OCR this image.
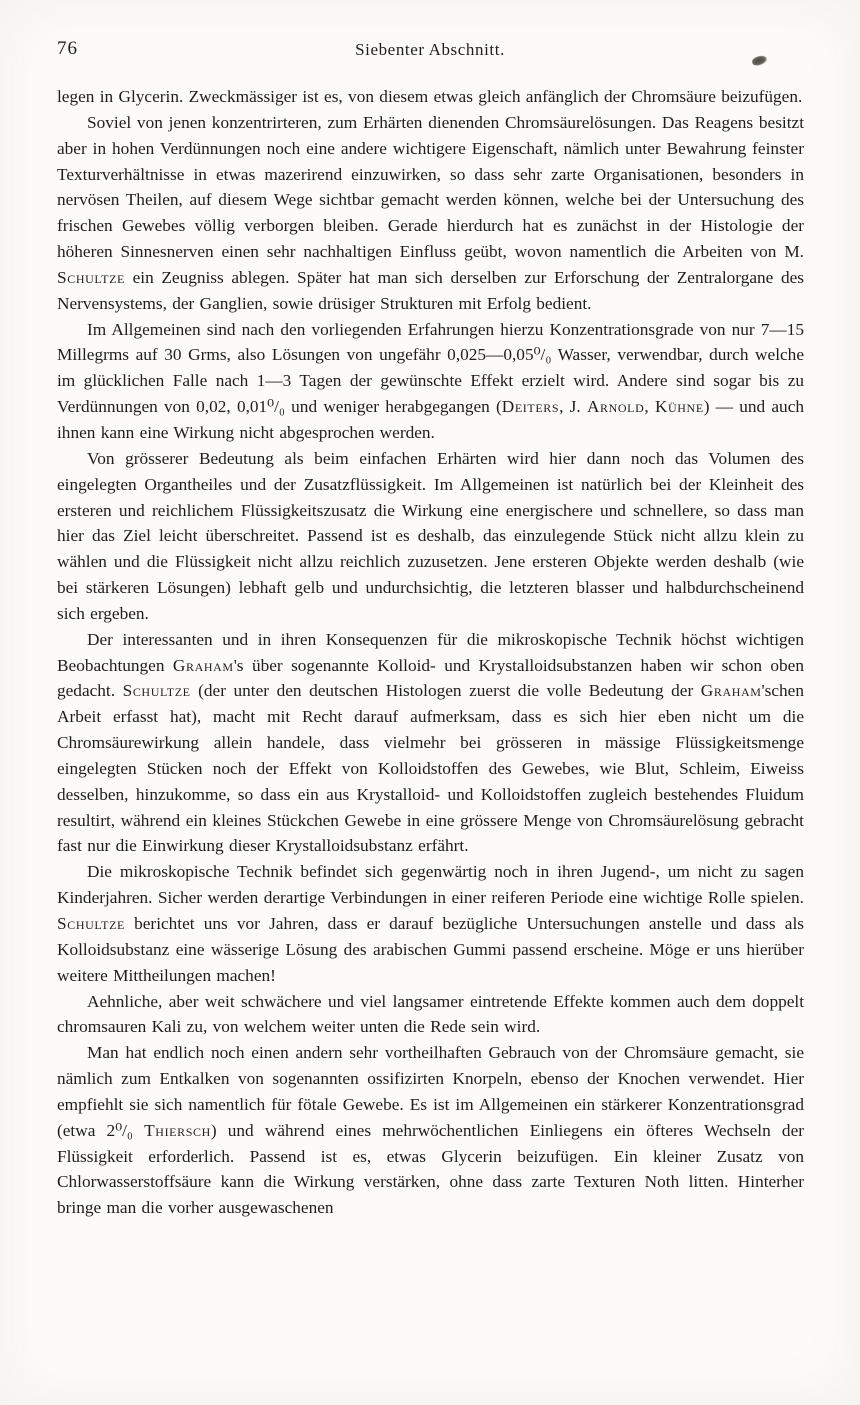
76	Siebenter Abschnitt.

legen in Glycerin. Zweckmässiger ist es, von diesem etwas gleich anfänglich der Chromsäure beizufügen.

Soviel von jenen konzentrirteren, zum Erhärten dienenden Chromsäurelösungen. Das Reagens besitzt aber in hohen Verdünnungen noch eine andere wichtigere Eigenschaft, nämlich unter Bewahrung feinster Texturverhältnisse in etwas mazerirend einzuwirken, so dass sehr zarte Organisationen, besonders in nervösen Theilen, auf diesem Wege sichtbar gemacht werden können, welche bei der Untersuchung des frischen Gewebes völlig verborgen bleiben. Gerade hierdurch hat es zunächst in der Histologie der höheren Sinnesnerven einen sehr nachhaltigen Einfluss geübt, wovon namentlich die Arbeiten von M. Schultze ein Zeugniss ablegen. Später hat man sich derselben zur Erforschung der Zentralorgane des Nervensystems, der Ganglien, sowie drüsiger Strukturen mit Erfolg bedient.

Im Allgemeinen sind nach den vorliegenden Erfahrungen hierzu Konzentrationsgrade von nur 7—15 Millegrms auf 30 Grms, also Lösungen von ungefähr 0,025—0,05⁰/₀ Wasser, verwendbar, durch welche im glücklichen Falle nach 1—3 Tagen der gewünschte Effekt erzielt wird. Andere sind sogar bis zu Verdünnungen von 0,02, 0,01⁰/₀ und weniger herabgegangen (Deiters, J. Arnold, Kühne) — und auch ihnen kann eine Wirkung nicht abgesprochen werden.

Von grösserer Bedeutung als beim einfachen Erhärten wird hier dann noch das Volumen des eingelegten Organtheiles und der Zusatzflüssigkeit. Im Allgemeinen ist natürlich bei der Kleinheit des ersteren und reichlichem Flüssigkeitszusatz die Wirkung eine energischere und schnellere, so dass man hier das Ziel leicht überschreitet. Passend ist es deshalb, das einzulegende Stück nicht allzu klein zu wählen und die Flüssigkeit nicht allzu reichlich zuzusetzen. Jene ersteren Objekte werden deshalb (wie bei stärkeren Lösungen) lebhaft gelb und undurchsichtig, die letzteren blasser und halbdurchscheinend sich ergeben.

Der interessanten und in ihren Konsequenzen für die mikroskopische Technik höchst wichtigen Beobachtungen Graham's über sogenannte Kolloid- und Krystalloidsubstanzen haben wir schon oben gedacht. Schultze (der unter den deutschen Histologen zuerst die volle Bedeutung der Graham'schen Arbeit erfasst hat), macht mit Recht darauf aufmerksam, dass es sich hier eben nicht um die Chromsäurewirkung allein handele, dass vielmehr bei grösseren in mässige Flüssigkeitsmenge eingelegten Stücken noch der Effekt von Kolloidstoffen des Gewebes, wie Blut, Schleim, Eiweiss desselben, hinzukomme, so dass ein aus Krystalloid- und Kolloidstoffen zugleich bestehendes Fluidum resultirt, während ein kleines Stückchen Gewebe in eine grössere Menge von Chromsäurelösung gebracht fast nur die Einwirkung dieser Krystalloidsubstanz erfährt.

Die mikroskopische Technik befindet sich gegenwärtig noch in ihren Jugend-, um nicht zu sagen Kinderjahren. Sicher werden derartige Verbindungen in einer reiferen Periode eine wichtige Rolle spielen. Schultze berichtet uns vor Jahren, dass er darauf bezügliche Untersuchungen anstelle und dass als Kolloidsubstanz eine wässerige Lösung des arabischen Gummi passend erscheine. Möge er uns hierüber weitere Mittheilungen machen!

Aehnliche, aber weit schwächere und viel langsamer eintretende Effekte kommen auch dem doppelt chromsauren Kali zu, von welchem weiter unten die Rede sein wird.

Man hat endlich noch einen andern sehr vortheilhaften Gebrauch von der Chromsäure gemacht, sie nämlich zum Entkalken von sogenannten ossifizirten Knorpeln, ebenso der Knochen verwendet. Hier empfiehlt sie sich namentlich für fötale Gewebe. Es ist im Allgemeinen ein stärkerer Konzentrationsgrad (etwa 2⁰/₀ Thiersch) und während eines mehrwöchentlichen Einliegens ein öfteres Wechseln der Flüssigkeit erforderlich. Passend ist es, etwas Glycerin beizufügen. Ein kleiner Zusatz von Chlorwasserstoffsäure kann die Wirkung verstärken, ohne dass zarte Texturen Noth litten. Hinterher bringe man die vorher ausgewaschenen
